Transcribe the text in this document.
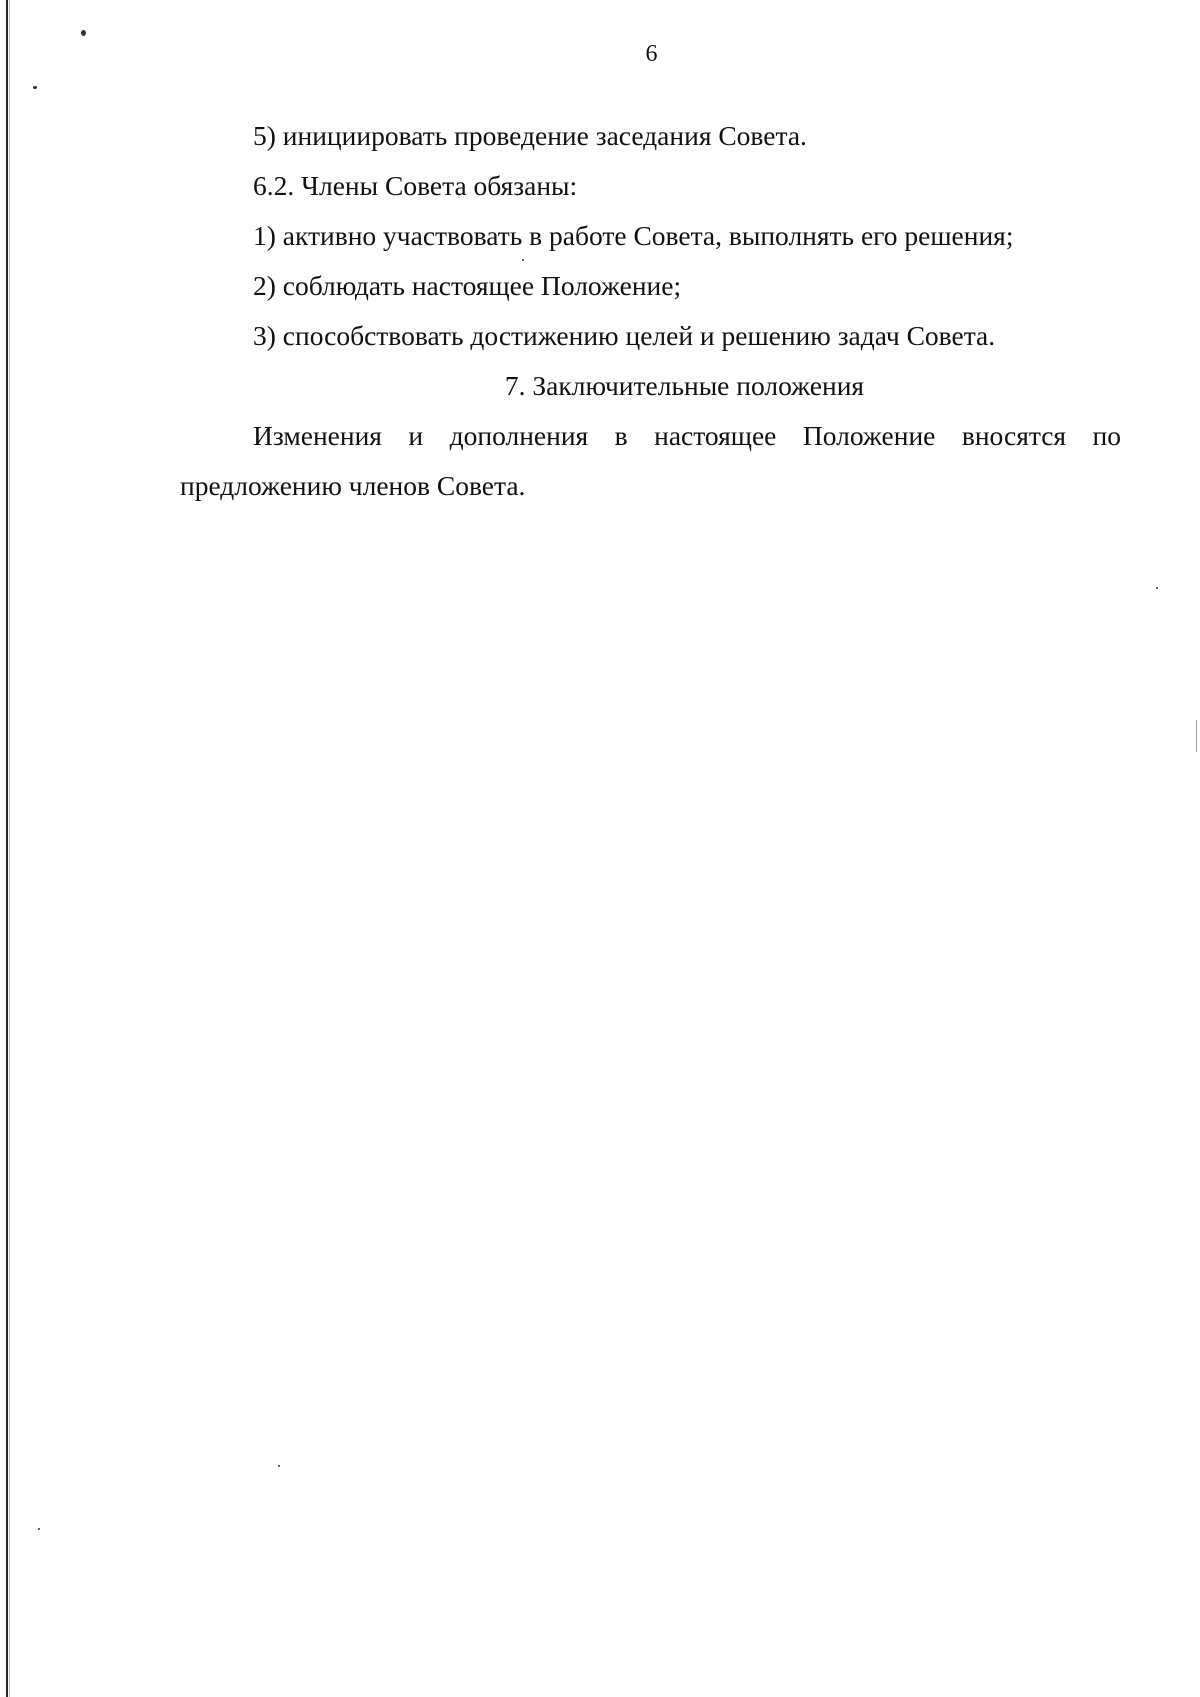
6

5) инициировать проведение заседания Совета.

6.2. Члены Совета обязаны:

1) активно участвовать в работе Совета, выполнять его решения;

2) соблюдать настоящее Положение;

3) способствовать достижению целей и решению задач Совета.

7. Заключительные положения

Изменения и дополнения в настоящее Положение вносятся по предложению членов Совета.
